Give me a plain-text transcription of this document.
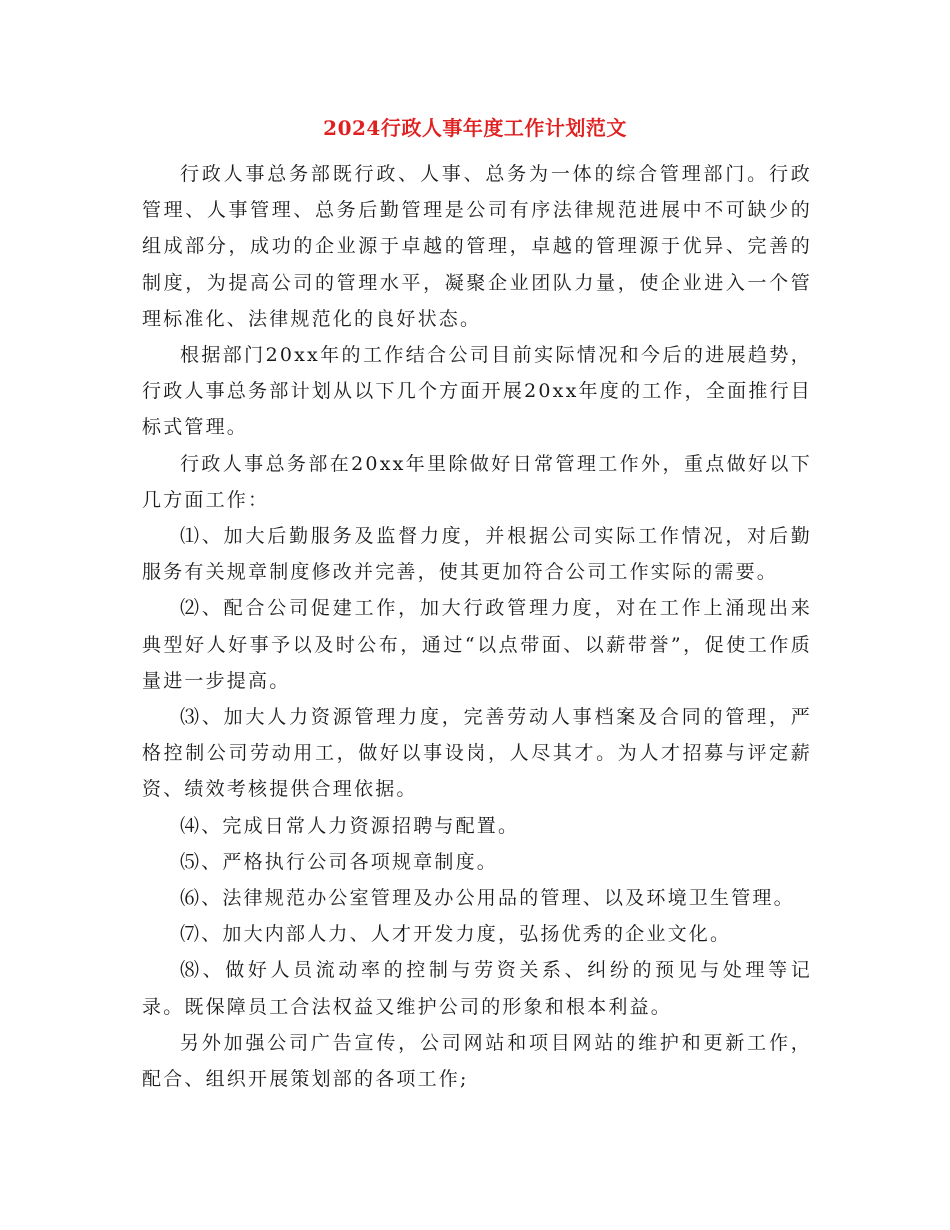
2024行政人事年度工作计划范文

行政人事总务部既行政、人事、总务为一体的综合管理部门。行政管理、人事管理、总务后勤管理是公司有序法律规范进展中不可缺少的组成部分，成功的企业源于卓越的管理，卓越的管理源于优异、完善的制度，为提高公司的管理水平，凝聚企业团队力量，使企业进入一个管理标准化、法律规范化的良好状态。

根据部门20xx年的工作结合公司目前实际情况和今后的进展趋势，行政人事总务部计划从以下几个方面开展20xx年度的工作，全面推行目标式管理。

行政人事总务部在20xx年里除做好日常管理工作外，重点做好以下几方面工作：

⑴、加大后勤服务及监督力度，并根据公司实际工作情况，对后勤服务有关规章制度修改并完善，使其更加符合公司工作实际的需要。

⑵、配合公司促建工作，加大行政管理力度，对在工作上涌现出来典型好人好事予以及时公布，通过“以点带面、以薪带誉”，促使工作质量进一步提高。

⑶、加大人力资源管理力度，完善劳动人事档案及合同的管理，严格控制公司劳动用工，做好以事设岗，人尽其才。为人才招募与评定薪资、绩效考核提供合理依据。

⑷、完成日常人力资源招聘与配置。

⑸、严格执行公司各项规章制度。

⑹、法律规范办公室管理及办公用品的管理、以及环境卫生管理。

⑺、加大内部人力、人才开发力度，弘扬优秀的企业文化。

⑻、做好人员流动率的控制与劳资关系、纠纷的预见与处理等记录。既保障员工合法权益又维护公司的形象和根本利益。

另外加强公司广告宣传，公司网站和项目网站的维护和更新工作，配合、组织开展策划部的各项工作;
